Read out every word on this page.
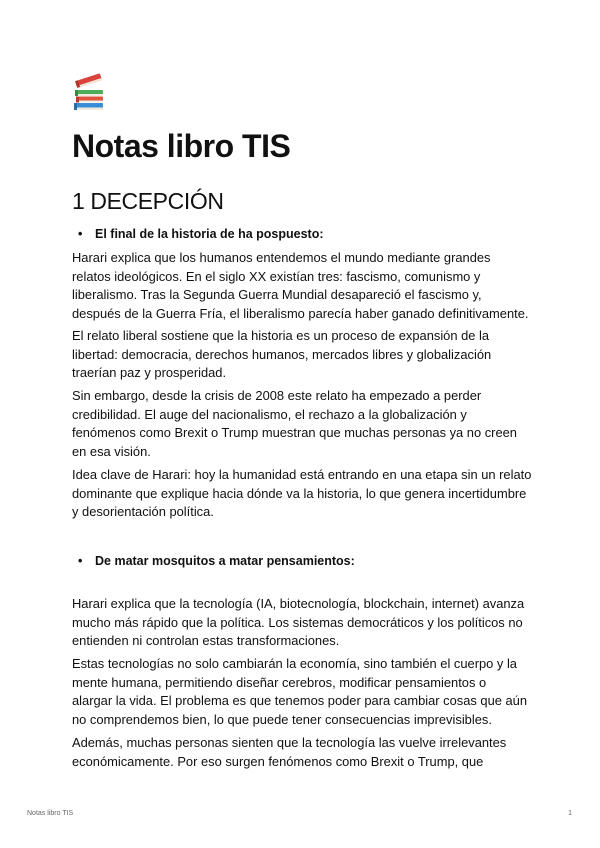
Notas libro TIS
1 DECEPCIÓN
• El final de la historia de ha pospuesto:

Harari explica que los humanos entendemos el mundo mediante grandes
relatos ideológicos. En el siglo XX existían tres: fascismo, comunismo y
liberalismo. Tras la Segunda Guerra Mundial desapareció el fascismo y,
después de la Guerra Fría, el liberalismo parecía haber ganado definitivamente.

El relato liberal sostiene que la historia es un proceso de expansión de la
libertad: democracia, derechos humanos, mercados libres y globalización
traerían paz y prosperidad.

Sin embargo, desde la crisis de 2008 este relato ha empezado a perder
credibilidad. El auge del nacionalismo, el rechazo a la globalización y
fenómenos como Brexit o Trump muestran que muchas personas ya no creen
en esa visión.

Idea clave de Harari: hoy la humanidad está entrando en una etapa sin un relato
dominante que explique hacia dónde va la historia, lo que genera incertidumbre
y desorientación política.

• De matar mosquitos a matar pensamientos:

Harari explica que la tecnología (IA, biotecnología, blockchain, internet) avanza
mucho más rápido que la política. Los sistemas democráticos y los políticos no
entienden ni controlan estas transformaciones.

Estas tecnologías no solo cambiarán la economía, sino también el cuerpo y la
mente humana, permitiendo diseñar cerebros, modificar pensamientos o
alargar la vida. El problema es que tenemos poder para cambiar cosas que aún
no comprendemos bien, lo que puede tener consecuencias imprevisibles.

Además, muchas personas sienten que la tecnología las vuelve irrelevantes
económicamente. Por eso surgen fenómenos como Brexit o Trump, que

Notas libro TIS	1
